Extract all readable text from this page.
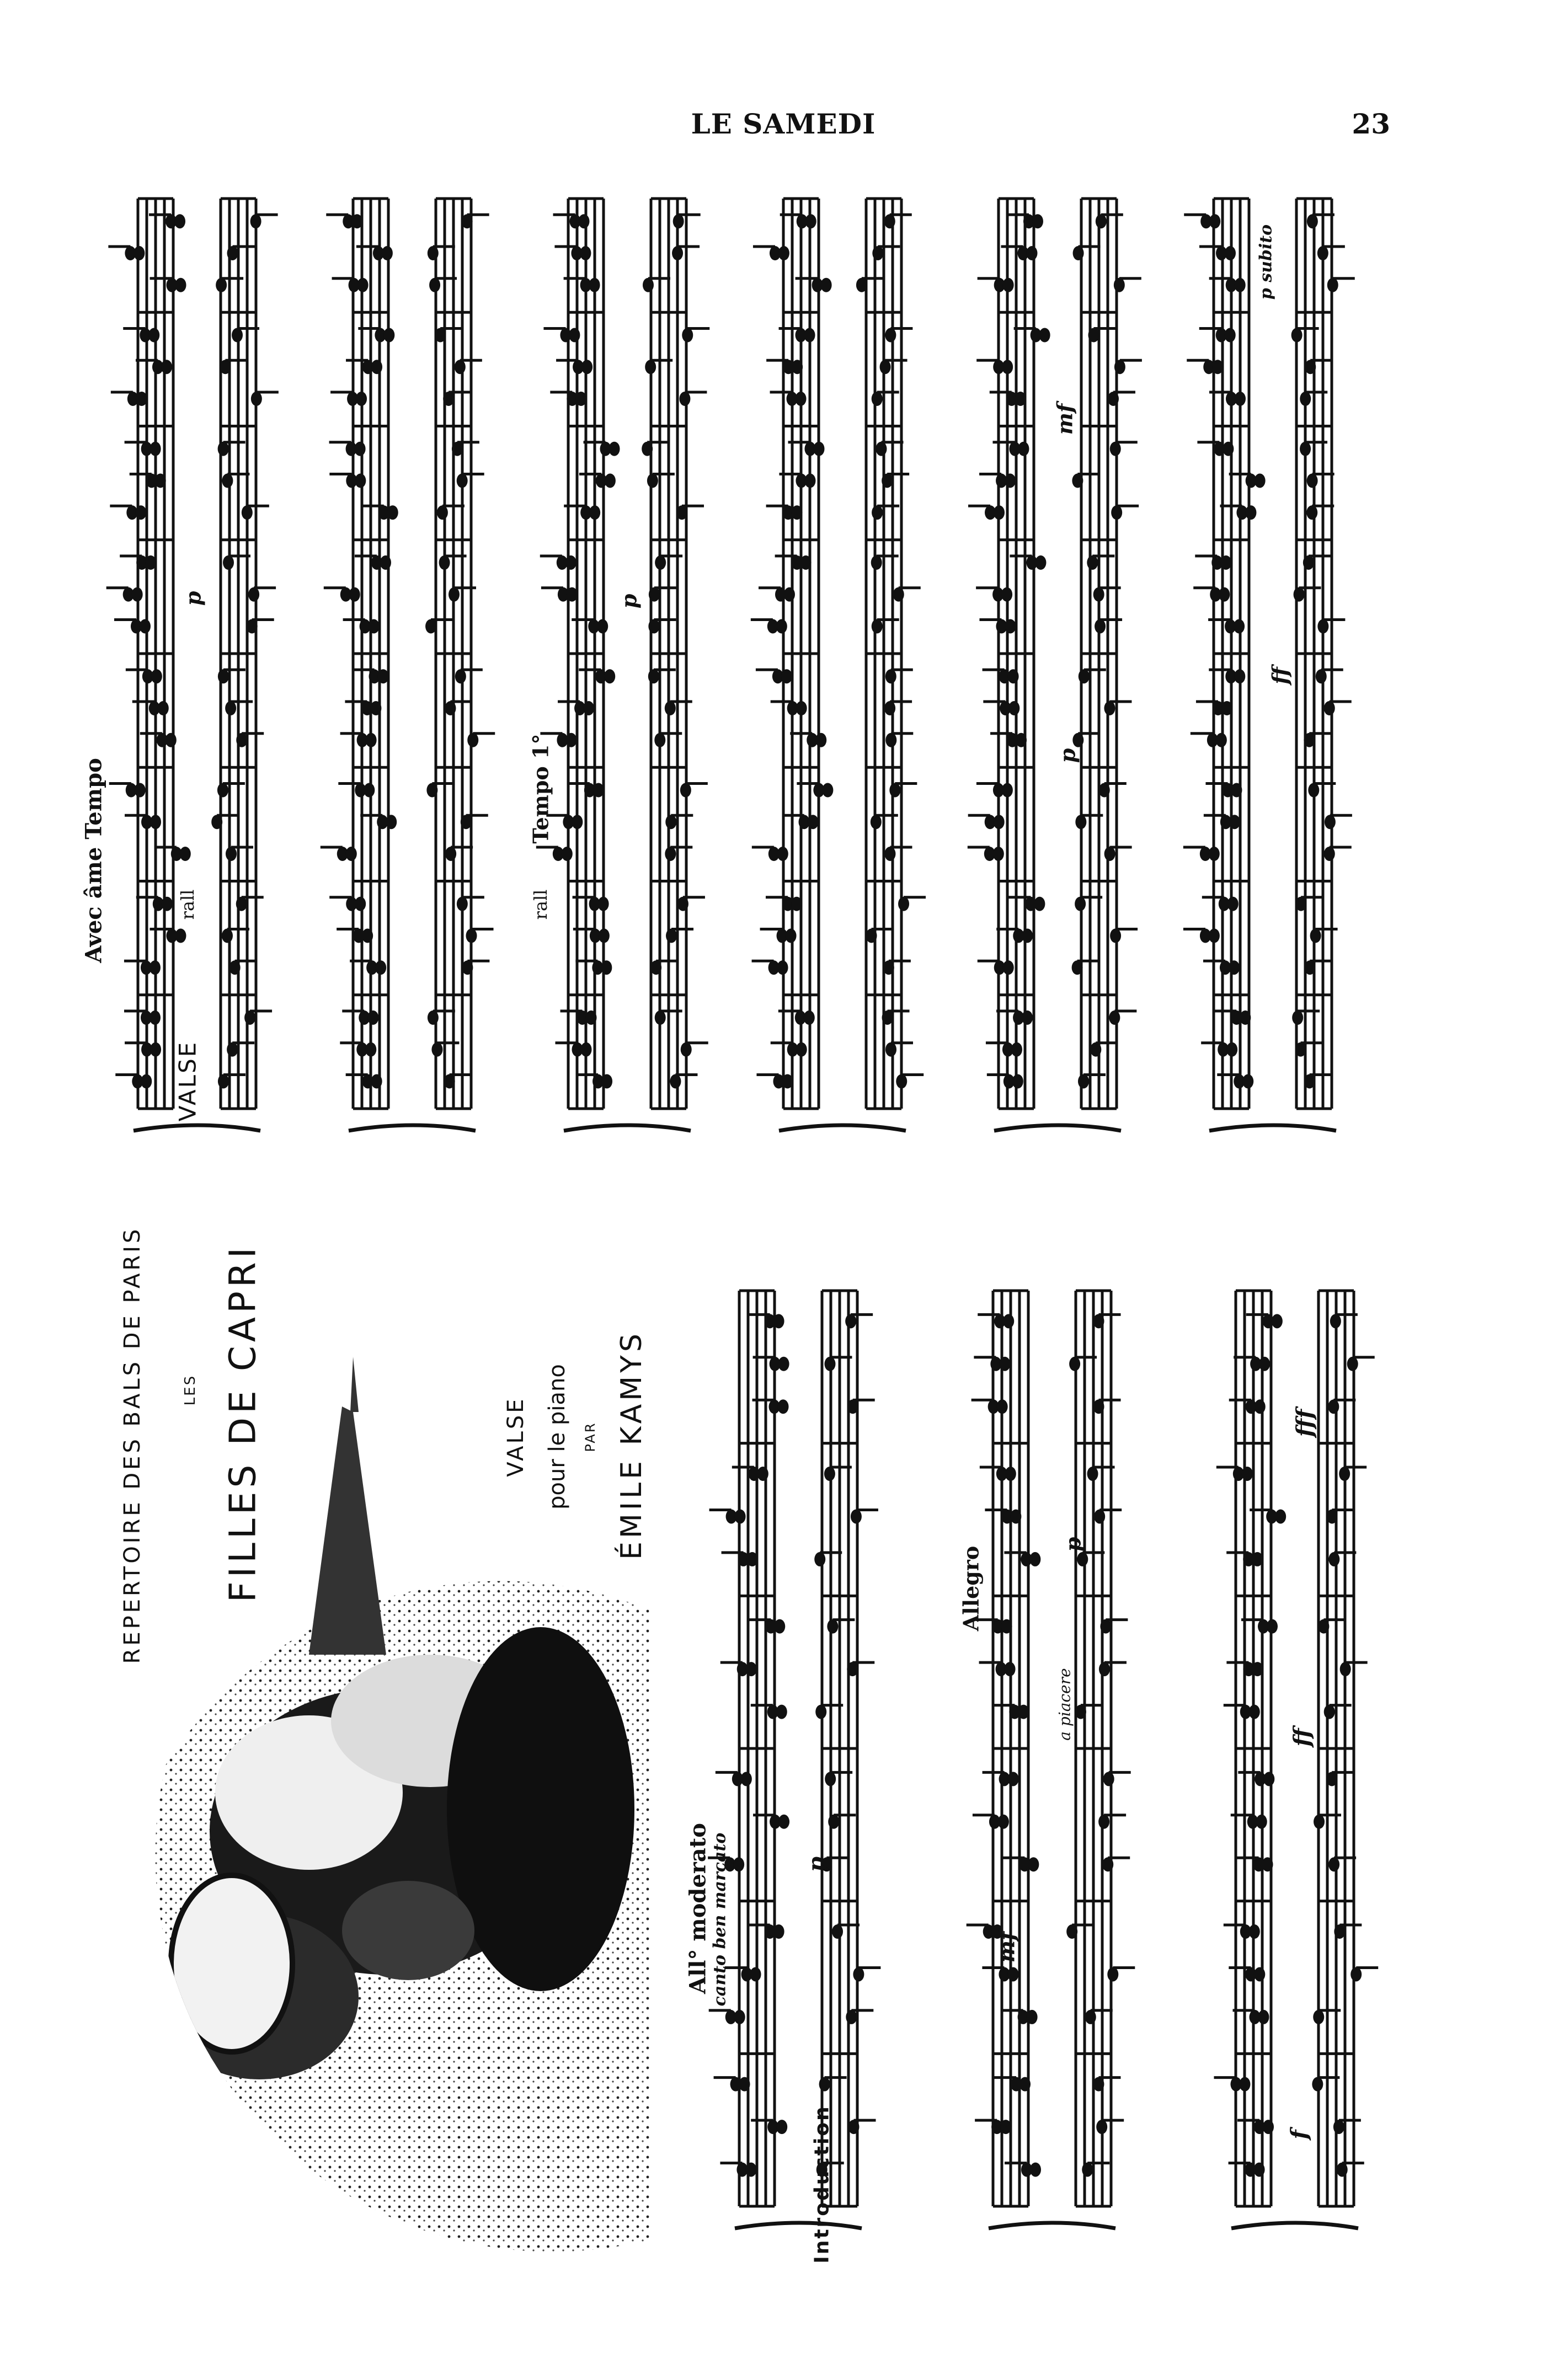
LE SAMEDI	23
VALSE
Avec âme Tempo	rall
Tempo 1°
rall
REPERTOIRE DES BALS DE PARIS	LES FILLES DE CAPRI	VALSE pour le piano PAR ÉMILE KAMYS
Introduction
All° moderato canto ben marcato
Allegro
a piacere
p	p
mf
p
ff
p subito
p
mf
p
f
ff
fff
